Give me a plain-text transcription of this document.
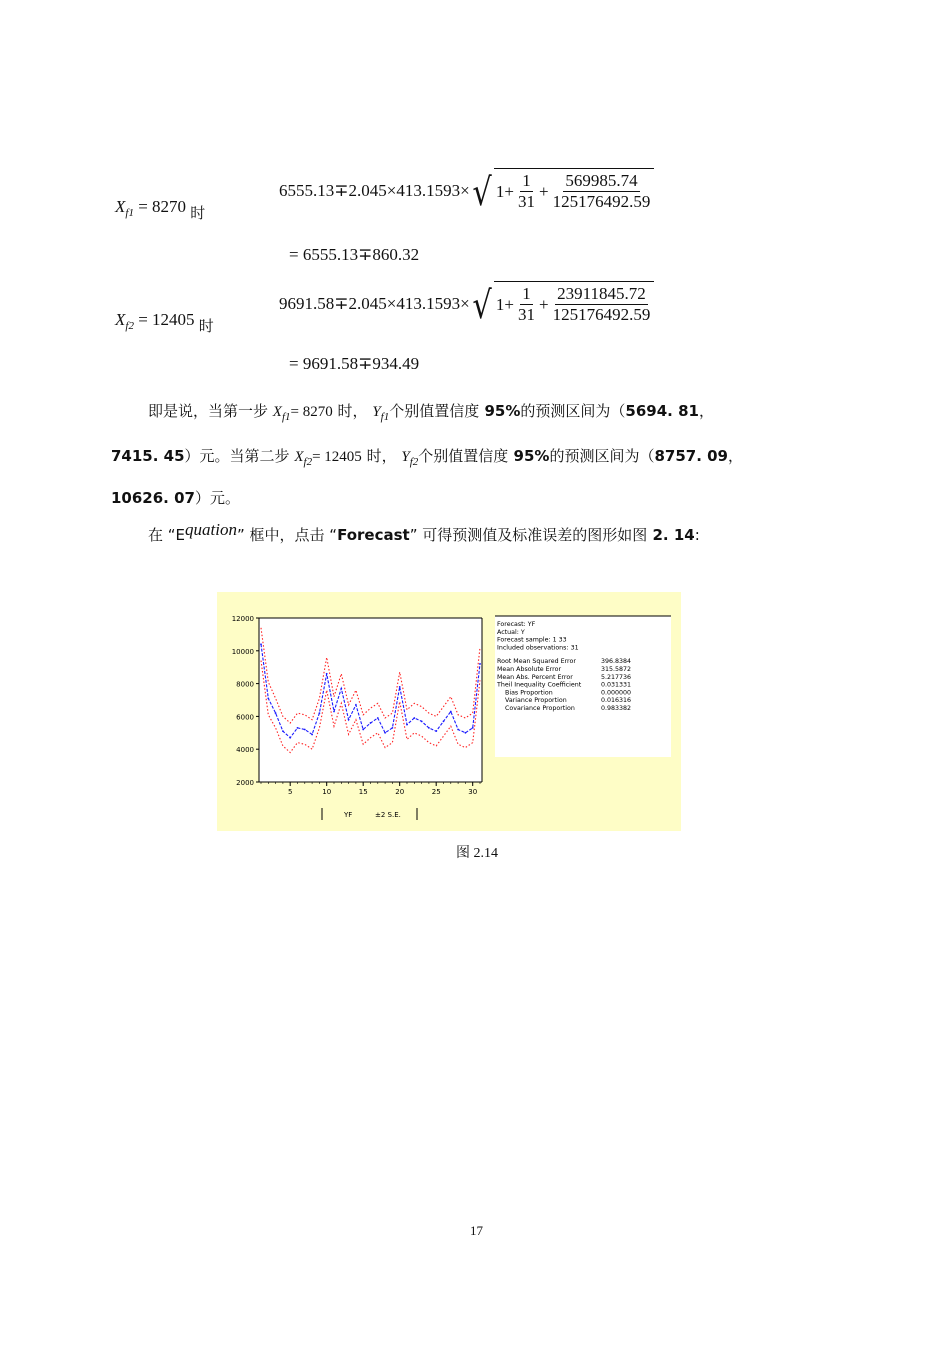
$X_{f1} = 8270$ 时
6555.13∓2.045×413.1593× √ $1+ \frac{1}{31} + \frac{569985.74}{125176492.59}$
= 6555.13∓860.32
$X_{f2} = 12405$ 时
9691.58∓2.045×413.1593× √ $1+ \frac{1}{31} + \frac{23911845.72}{125176492.59}$
= 9691.58∓934.49
即是说，当第一步 $X_{f1}= 8270$ 时， $Y_{f1}$个别值置信度 95%的预测区间为（5694. 81，
7415. 45）元。当第二步 $X_{f2}= 12405$ 时， $Y_{f2}$个别值置信度 95%的预测区间为（8757. 09，
10626. 07）元。
在 “Equation” 框中，点击 “Forecast” 可得预测值及标准误差的图形如图 2. 14:
12000
10000
8000
6000
4000
2000
5	10	15	20	25	30
YF	±2 S.E.
Forecast: YF
Actual: Y
Forecast sample: 1 33
Included observations: 31
Root Mean Squared Error	396.8384
Mean Absolute Error	315.5872
Mean Abs. Percent Error	5.217736
Theil Inequality Coefficient	0.031331
Bias Proportion	0.000000
Variance Proportion	0.016316
Covariance Proportion	0.983382
图 2.14
17
